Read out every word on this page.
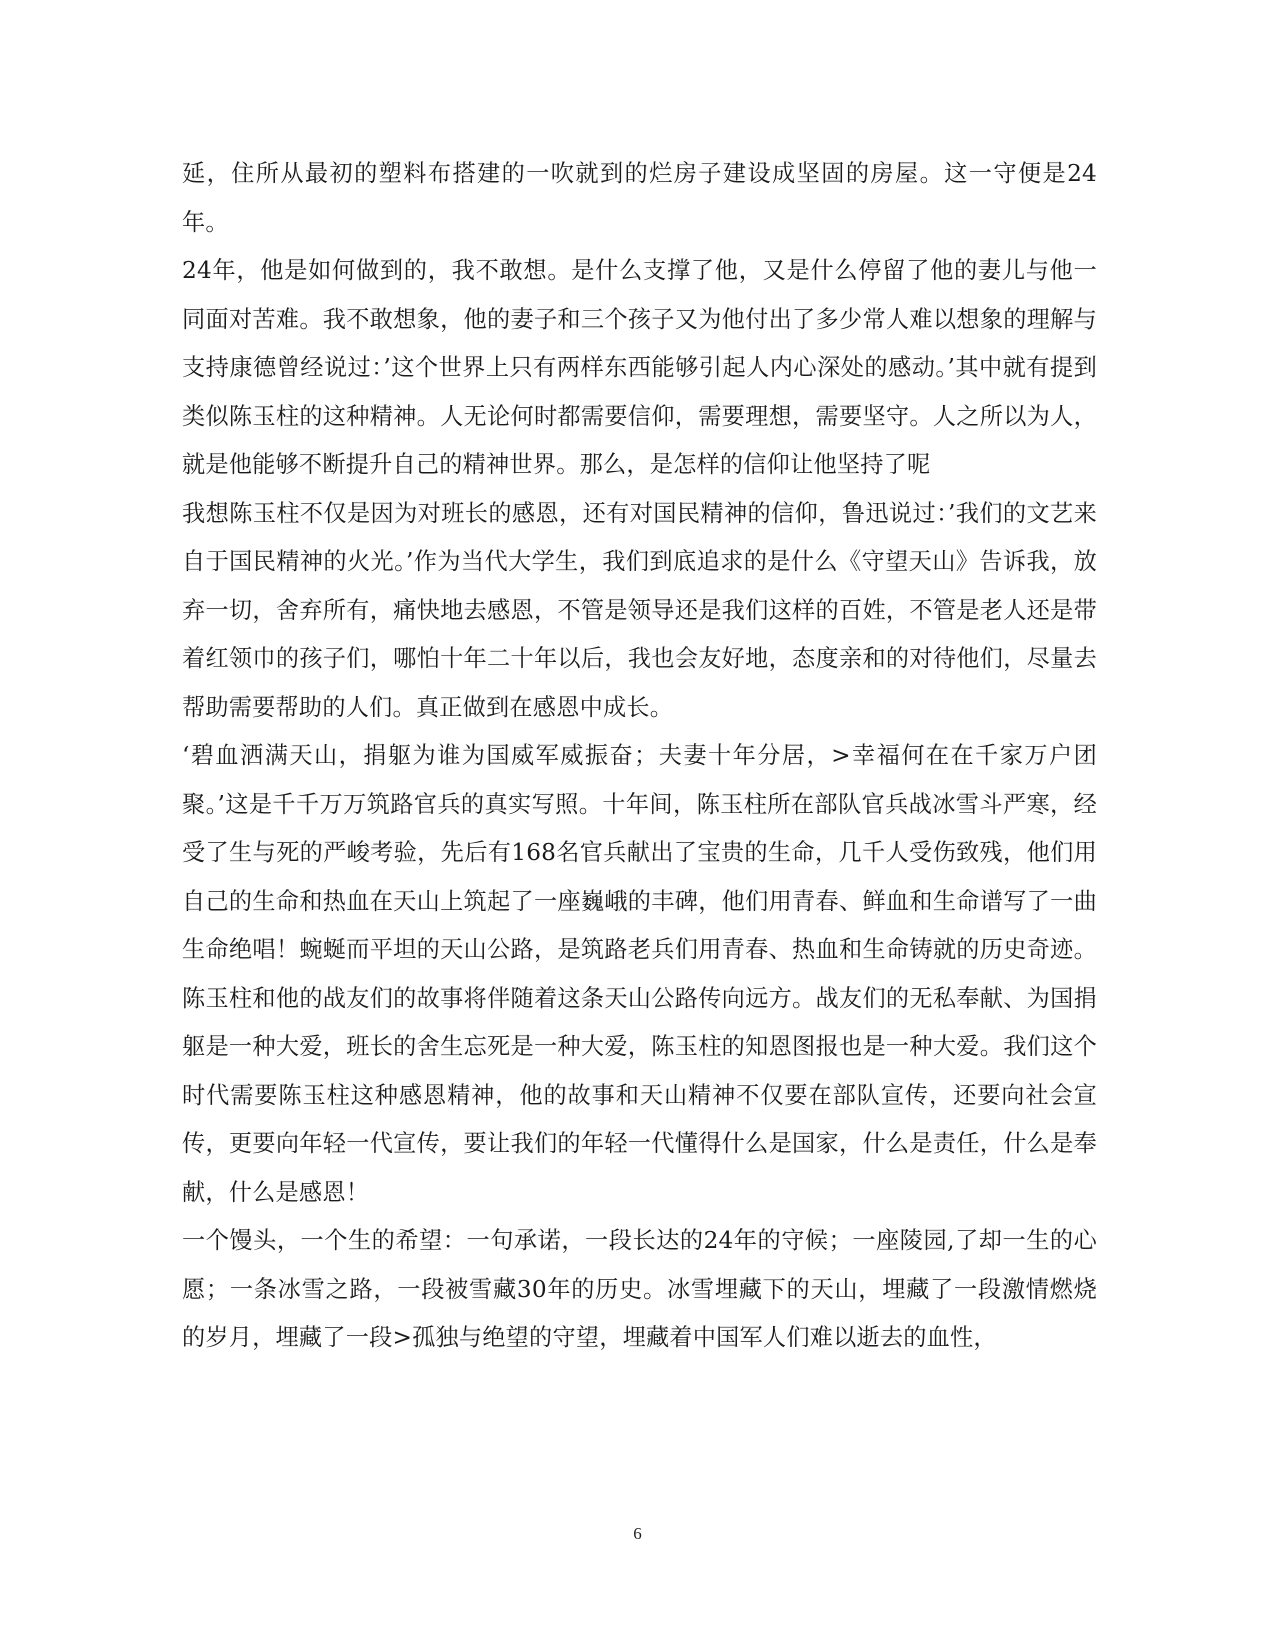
延，住所从最初的塑料布搭建的一吹就到的烂房子建设成坚固的房屋。这一守便是24年。

24年，他是如何做到的，我不敢想。是什么支撑了他，又是什么停留了他的妻儿与他一同面对苦难。我不敢想象，他的妻子和三个孩子又为他付出了多少常人难以想象的理解与支持康德曾经说过：’这个世界上只有两样东西能够引起人内心深处的感动。’其中就有提到类似陈玉柱的这种精神。人无论何时都需要信仰，需要理想，需要坚守。人之所以为人，就是他能够不断提升自己的精神世界。那么，是怎样的信仰让他坚持了呢

我想陈玉柱不仅是因为对班长的感恩，还有对国民精神的信仰，鲁迅说过：’我们的文艺来自于国民精神的火光。’作为当代大学生，我们到底追求的是什么《守望天山》告诉我，放弃一切，舍弃所有，痛快地去感恩，不管是领导还是我们这样的百姓，不管是老人还是带着红领巾的孩子们，哪怕十年二十年以后，我也会友好地，态度亲和的对待他们，尽量去帮助需要帮助的人们。真正做到在感恩中成长。

‘碧血洒满天山，捐躯为谁为国威军威振奋；夫妻十年分居，>幸福何在在千家万户团聚。’这是千千万万筑路官兵的真实写照。十年间，陈玉柱所在部队官兵战冰雪斗严寒，经受了生与死的严峻考验，先后有168名官兵献出了宝贵的生命，几千人受伤致残，他们用自己的生命和热血在天山上筑起了一座巍峨的丰碑，他们用青春、鲜血和生命谱写了一曲生命绝唱！蜿蜒而平坦的天山公路，是筑路老兵们用青春、热血和生命铸就的历史奇迹。陈玉柱和他的战友们的故事将伴随着这条天山公路传向远方。战友们的无私奉献、为国捐躯是一种大爱，班长的舍生忘死是一种大爱，陈玉柱的知恩图报也是一种大爱。我们这个时代需要陈玉柱这种感恩精神，他的故事和天山精神不仅要在部队宣传，还要向社会宣传，更要向年轻一代宣传，要让我们的年轻一代懂得什么是国家，什么是责任，什么是奉献，什么是感恩！

一个馒头，一个生的希望：一句承诺，一段长达的24年的守候；一座陵园,了却一生的心愿；一条冰雪之路，一段被雪藏30年的历史。冰雪埋藏下的天山，埋藏了一段激情燃烧的岁月，埋藏了一段>孤独与绝望的守望，埋藏着中国军人们难以逝去的血性，

6
